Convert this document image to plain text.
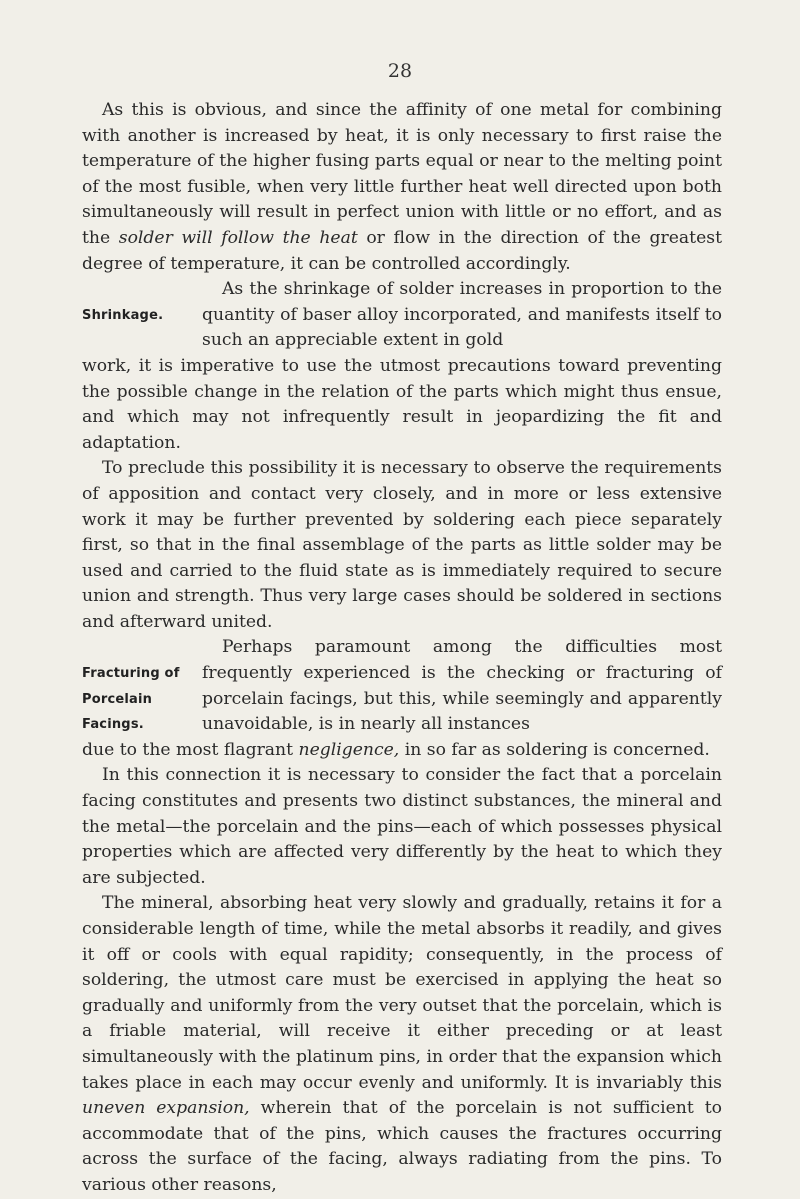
28

As this is obvious, and since the affinity of one metal for combining with another is increased by heat, it is only necessary to first raise the temperature of the higher fusing parts equal or near to the melting point of the most fusible, when very little further heat well directed upon both simultaneously will result in perfect union with little or no effort, and as the solder will follow the heat or flow in the direction of the greatest degree of temperature, it can be controlled accordingly.

Shrinkage.

As the shrinkage of solder increases in proportion to the quantity of baser alloy incorporated, and manifests itself to such an appreciable extent in gold

work, it is imperative to use the utmost precautions toward preventing the possible change in the relation of the parts which might thus ensue, and which may not infrequently result in jeopardizing the fit and adaptation.

To preclude this possibility it is necessary to observe the requirements of apposition and contact very closely, and in more or less extensive work it may be further prevented by soldering each piece separately first, so that in the final assemblage of the parts as little solder may be used and carried to the fluid state as is immediately required to secure union and strength. Thus very large cases should be soldered in sections and afterward united.

Fracturing of
Porcelain Facings.

Perhaps paramount among the difficulties most frequently experienced is the checking or fracturing of porcelain facings, but this, while seemingly and apparently unavoidable, is in nearly all instances

due to the most flagrant negligence, in so far as soldering is concerned.

In this connection it is necessary to consider the fact that a porcelain facing constitutes and presents two distinct substances, the mineral and the metal—the porcelain and the pins—each of which possesses physical properties which are affected very differently by the heat to which they are subjected.

The mineral, absorbing heat very slowly and gradually, retains it for a considerable length of time, while the metal absorbs it readily, and gives it off or cools with equal rapidity; consequently, in the process of soldering, the utmost care must be exercised in applying the heat so gradually and uniformly from the very outset that the porcelain, which is a friable material, will receive it either preceding or at least simultaneously with the platinum pins, in order that the expansion which takes place in each may occur evenly and uniformly. It is invariably this uneven expansion, wherein that of the porcelain is not sufficient to accommodate that of the pins, which causes the fractures occurring across the surface of the facing, always radiating from the pins. To various other reasons,
